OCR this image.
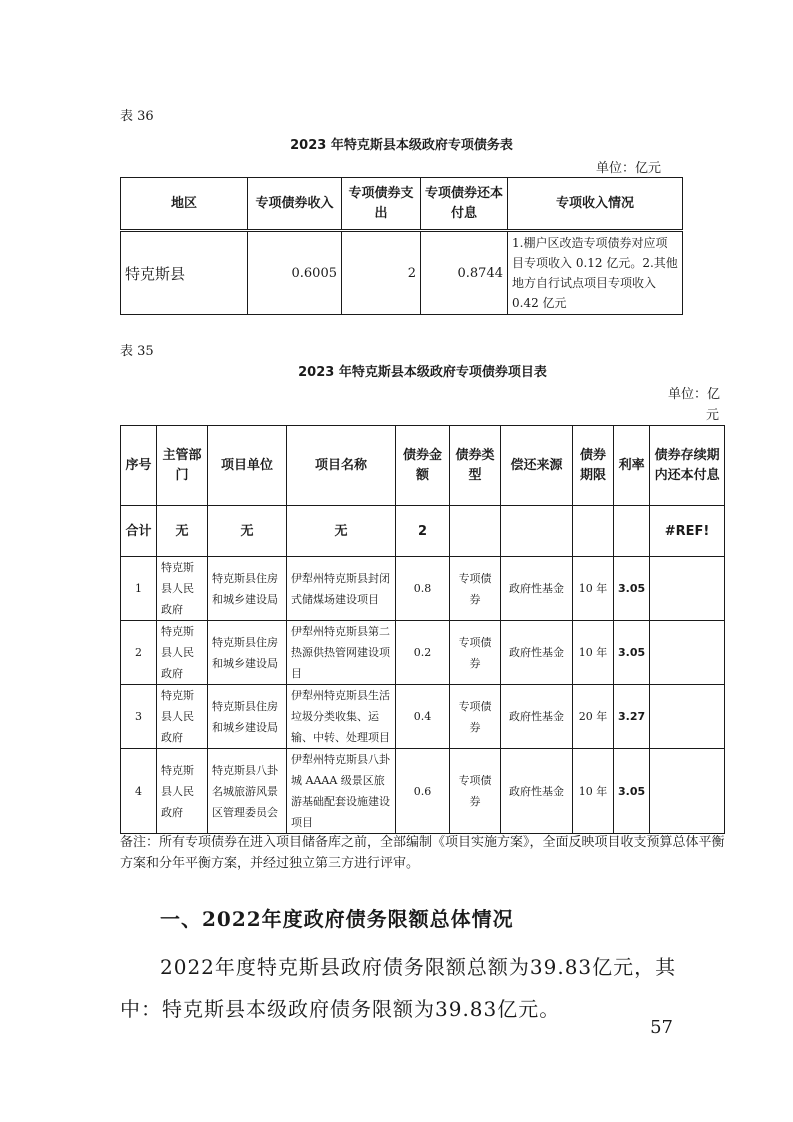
表 36
2023 年特克斯县本级政府专项债务表
单位：亿元
地区	专项债券收入	专项债券支出	专项债券还本付息	专项收入情况
特克斯县	0.6005	2	0.8744	1.棚户区改造专项债券对应项目专项收入 0.12 亿元。2.其他地方自行试点项目专项收入 0.42 亿元
表 35
2023 年特克斯县本级政府专项债券项目表
单位：亿
元
序号	主管部门	项目单位	项目名称	债券金额	债券类型	偿还来源	债券期限	利率	债券存续期内还本付息
合计	无	无	无	2					#REF!
1	特克斯县人民政府	特克斯县住房和城乡建设局	伊犁州特克斯县封闭式储煤场建设项目	0.8	专项债券	政府性基金	10 年	3.05	
2	特克斯县人民政府	特克斯县住房和城乡建设局	伊犁州特克斯县第二热源供热管网建设项目	0.2	专项债券	政府性基金	10 年	3.05	
3	特克斯县人民政府	特克斯县住房和城乡建设局	伊犁州特克斯县生活垃圾分类收集、运输、中转、处理项目	0.4	专项债券	政府性基金	20 年	3.27	
4	特克斯县人民政府	特克斯县八卦名城旅游风景区管理委员会	伊犁州特克斯县八卦城 AAAA 级景区旅游基础配套设施建设项目	0.6	专项债券	政府性基金	10 年	3.05	
备注：所有专项债券在进入项目储备库之前，全部编制《项目实施方案》，全面反映项目收支预算总体平衡方案和分年平衡方案，并经过独立第三方进行评审。
一、2022年度政府债务限额总体情况
2022年度特克斯县政府债务限额总额为39.83亿元，其中：特克斯县本级政府债务限额为39.83亿元。
57
